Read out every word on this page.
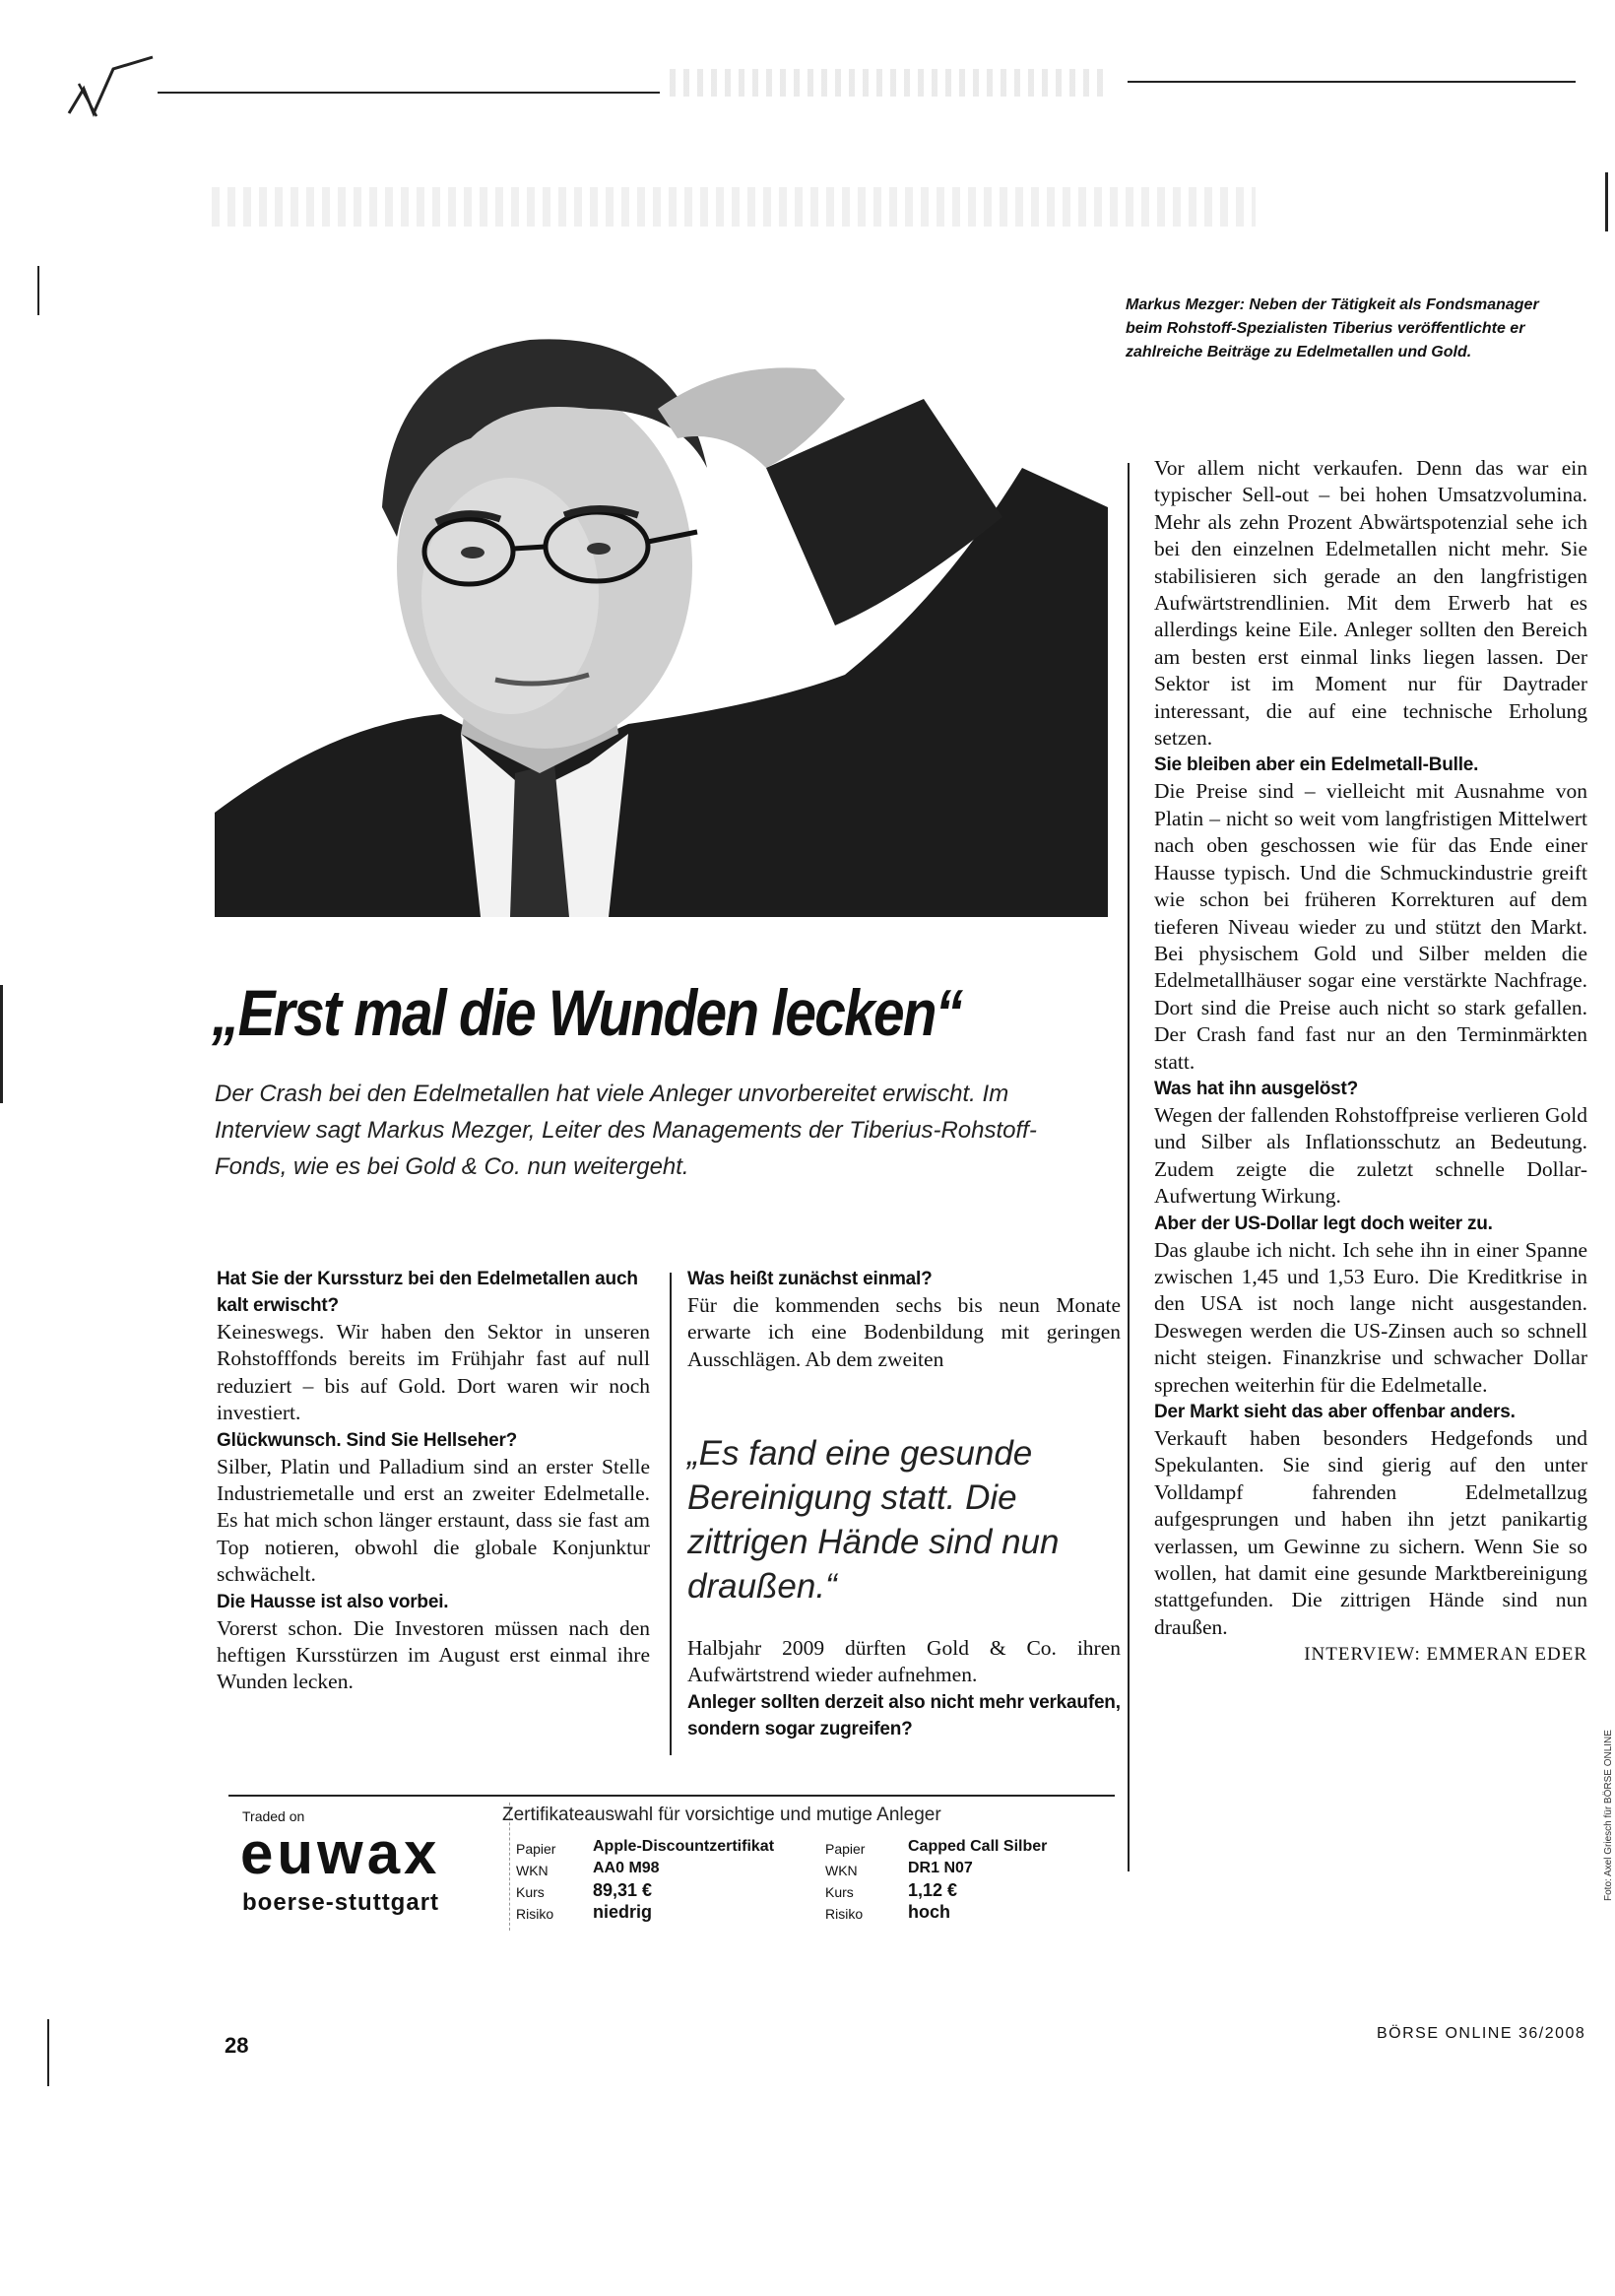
Markus Mezger: Neben der Tätigkeit als Fondsmanager beim Rohstoff-Spezialisten Tiberius veröffentlichte er zahlreiche Beiträge zu Edelmetallen und Gold.
„Erst mal die Wunden lecken“
Der Crash bei den Edelmetallen hat viele Anleger unvorbereitet erwischt. Im Interview sagt Markus Mezger, Leiter des Managements der Tiberius-Rohstoff-Fonds, wie es bei Gold & Co. nun weitergeht.

Hat Sie der Kurssturz bei den Edelmetallen auch kalt erwischt?

Keineswegs. Wir haben den Sektor in unseren Rohstofffonds bereits im Frühjahr fast auf null reduziert – bis auf Gold. Dort waren wir noch investiert.

Glückwunsch. Sind Sie Hellseher?

Silber, Platin und Palladium sind an erster Stelle Industriemetalle und erst an zweiter Edelmetalle. Es hat mich schon länger erstaunt, dass sie fast am Top notieren, obwohl die globale Konjunktur schwächelt.

Die Hausse ist also vorbei.

Vorerst schon. Die Investoren müssen nach den heftigen Kursstürzen im August erst einmal ihre Wunden lecken.

Was heißt zunächst einmal?

Für die kommenden sechs bis neun Monate erwarte ich eine Bodenbildung mit geringen Ausschlägen. Ab dem zweiten

„Es fand eine gesunde Bereinigung statt. Die zittrigen Hände sind nun draußen.“

Halbjahr 2009 dürften Gold & Co. ihren Aufwärtstrend wieder aufnehmen.

Anleger sollten derzeit also nicht mehr verkaufen, sondern sogar zugreifen?

Vor allem nicht verkaufen. Denn das war ein typischer Sell-out – bei hohen Umsatzvolumina. Mehr als zehn Prozent Abwärtspotenzial sehe ich bei den einzelnen Edelmetallen nicht mehr. Sie stabilisieren sich gerade an den langfristigen Aufwärtstrendlinien. Mit dem Erwerb hat es allerdings keine Eile. Anleger sollten den Bereich am besten erst einmal links liegen lassen. Der Sektor ist im Moment nur für Daytrader interessant, die auf eine technische Erholung setzen.

Sie bleiben aber ein Edelmetall-Bulle.

Die Preise sind – vielleicht mit Ausnahme von Platin – nicht so weit vom langfristigen Mittelwert nach oben geschossen wie für das Ende einer Hausse typisch. Und die Schmuckindustrie greift wie schon bei früheren Korrekturen auf dem tieferen Niveau wieder zu und stützt den Markt. Bei physischem Gold und Silber melden die Edelmetallhäuser sogar eine verstärkte Nachfrage. Dort sind die Preise auch nicht so stark gefallen. Der Crash fand fast nur an den Terminmärkten statt.

Was hat ihn ausgelöst?

Wegen der fallenden Rohstoffpreise verlieren Gold und Silber als Inflationsschutz an Bedeutung. Zudem zeigte die zuletzt schnelle Dollar-Aufwertung Wirkung.

Aber der US-Dollar legt doch weiter zu.

Das glaube ich nicht. Ich sehe ihn in einer Spanne zwischen 1,45 und 1,53 Euro. Die Kreditkrise in den USA ist noch lange nicht ausgestanden. Deswegen werden die US-Zinsen auch so schnell nicht steigen. Finanzkrise und schwacher Dollar sprechen weiterhin für die Edelmetalle.

Der Markt sieht das aber offenbar anders.

Verkauft haben besonders Hedgefonds und Spekulanten. Sie sind gierig auf den unter Volldampf fahrenden Edelmetallzug aufgesprungen und haben ihn jetzt panikartig verlassen, um Gewinne zu sichern. Wenn Sie so wollen, hat damit eine gesunde Marktbereinigung stattgefunden. Die zittrigen Hände sind nun draußen.

INTERVIEW: EMMERAN EDER

Foto: Axel Griesch für BÖRSE ONLINE
Traded on
euwax
boerse-stuttgart
Zertifikateauswahl für vorsichtige und mutige Anleger
Papier
WKN
Kurs
Risiko
Apple-Discountzertifikat
AA0 M98
89,31 €
niedrig
Papier
WKN
Kurs
Risiko
Capped Call Silber
DR1 N07
1,12 €
hoch
28	BÖRSE ONLINE 36/2008
